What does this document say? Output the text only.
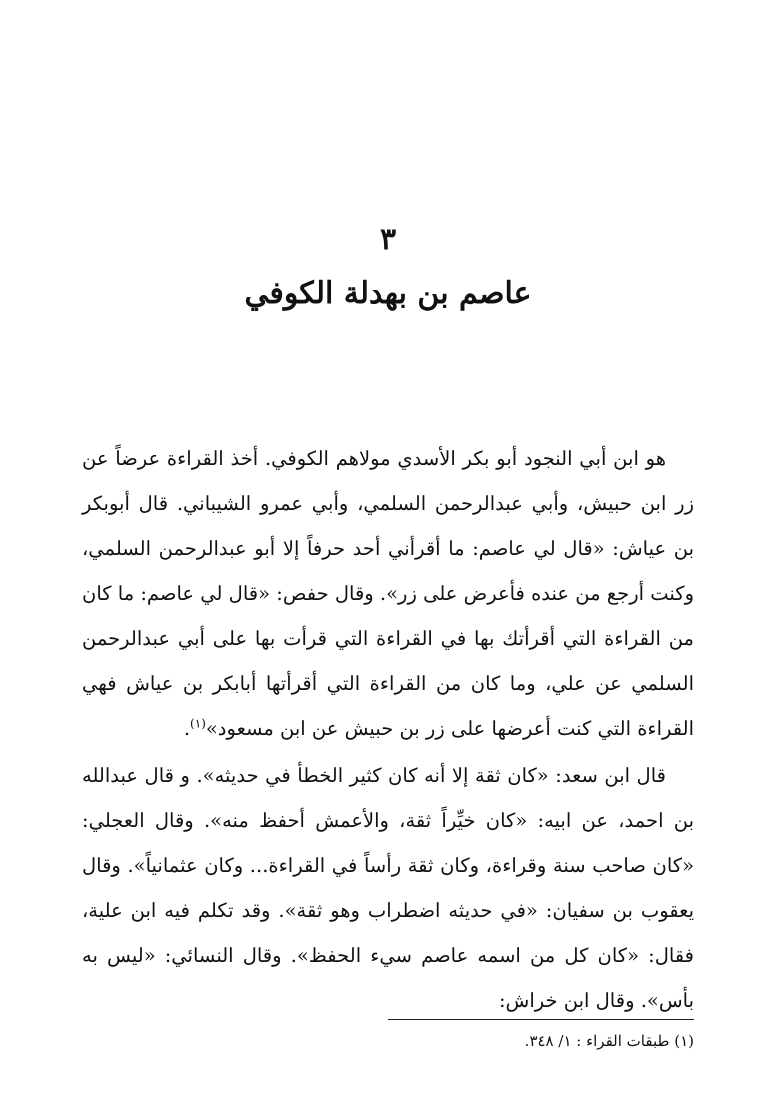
٣
عاصم بن بهدلة الكوفي

هو ابن أبي النجود أبو بكر الأسدي مولاهم الكوفي. أخذ القراءة عرضاً عن زر ابن حبيش، وأبي عبدالرحمن السلمي، وأبي عمرو الشيباني. قال أبوبكر بن عياش: «قال لي عاصم: ما أقرأني أحد حرفاً إلا أبو عبدالرحمن السلمي، وكنت أرجع من عنده فأعرض على زر». وقال حفص: «قال لي عاصم: ما كان من القراءة التي أقرأتك بها في القراءة التي قرأت بها على أبي عبدالرحمن السلمي عن علي، وما كان من القراءة التي أقرأتها أبابكر بن عياش فهي القراءة التي كنت أعرضها على زر بن حبيش عن ابن مسعود»$^{(١)}$.

قال ابن سعد: «كان ثقة إلا أنه كان كثير الخطأ في حديثه». و قال عبدالله بن احمد، عن ابيه: «كان خيِّراً ثقة، والأعمش أحفظ منه». وقال العجلي: «كان صاحب سنة وقراءة، وكان ثقة رأساً في القراءة... وكان عثمانياً». وقال يعقوب بن سفيان: «في حديثه اضطراب وهو ثقة». وقد تكلم فيه ابن علية، فقال: «كان كل من اسمه عاصم سيء الحفظ». وقال النسائي: «ليس به بأس». وقال ابن خراش:

(١) طبقات القراء : ١/ ٣٤٨.
